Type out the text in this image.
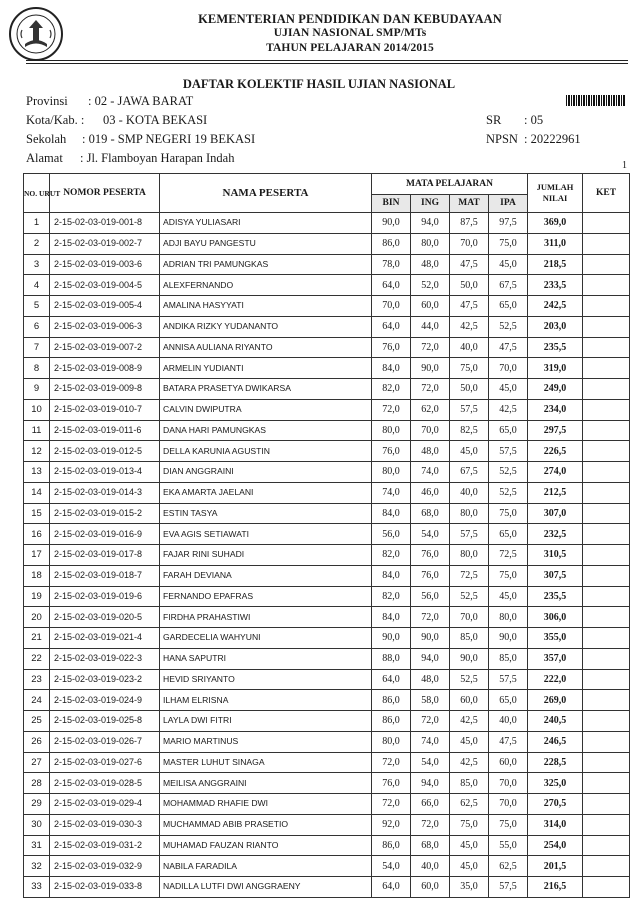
KEMENTERIAN PENDIDIKAN DAN KEBUDAYAAN
UJIAN NASIONAL SMP/MTs
TAHUN PELAJARAN 2014/2015
DAFTAR KOLEKTIF HASIL UJIAN NASIONAL
Provinsi : 02 - JAWA BARAT
Kota/Kab. : 03 - KOTA BEKASI
Sekolah : 019 - SMP NEGERI 19 BEKASI
Alamat : Jl. Flamboyan Harapan Indah
SR : 05
NPSN : 20222961
1
NO. URUT	NOMOR PESERTA	NAMA PESERTA	MATA PELAJARAN				JUMLAH NILAI	KET
			BIN	ING	MAT	IPA		
1	2-15-02-03-019-001-8	ADISYA YULIASARI	90,0	94,0	87,5	97,5	369,0	
2	2-15-02-03-019-002-7	ADJI BAYU PANGESTU	86,0	80,0	70,0	75,0	311,0	
3	2-15-02-03-019-003-6	ADRIAN TRI PAMUNGKAS	78,0	48,0	47,5	45,0	218,5	
4	2-15-02-03-019-004-5	ALEXFERNANDO	64,0	52,0	50,0	67,5	233,5	
5	2-15-02-03-019-005-4	AMALINA HASYYATI	70,0	60,0	47,5	65,0	242,5	
6	2-15-02-03-019-006-3	ANDIKA RIZKY YUDANANTO	64,0	44,0	42,5	52,5	203,0	
7	2-15-02-03-019-007-2	ANNISA AULIANA RIYANTO	76,0	72,0	40,0	47,5	235,5	
8	2-15-02-03-019-008-9	ARMELIN YUDIANTI	84,0	90,0	75,0	70,0	319,0	
9	2-15-02-03-019-009-8	BATARA PRASETYA DWIKARSA	82,0	72,0	50,0	45,0	249,0	
10	2-15-02-03-019-010-7	CALVIN DWIPUTRA	72,0	62,0	57,5	42,5	234,0	
11	2-15-02-03-019-011-6	DANA HARI PAMUNGKAS	80,0	70,0	82,5	65,0	297,5	
12	2-15-02-03-019-012-5	DELLA KARUNIA AGUSTIN	76,0	48,0	45,0	57,5	226,5	
13	2-15-02-03-019-013-4	DIAN ANGGRAINI	80,0	74,0	67,5	52,5	274,0	
14	2-15-02-03-019-014-3	EKA AMARTA JAELANI	74,0	46,0	40,0	52,5	212,5	
15	2-15-02-03-019-015-2	ESTIN TASYA	84,0	68,0	80,0	75,0	307,0	
16	2-15-02-03-019-016-9	EVA AGIS SETIAWATI	56,0	54,0	57,5	65,0	232,5	
17	2-15-02-03-019-017-8	FAJAR RINI SUHADI	82,0	76,0	80,0	72,5	310,5	
18	2-15-02-03-019-018-7	FARAH DEVIANA	84,0	76,0	72,5	75,0	307,5	
19	2-15-02-03-019-019-6	FERNANDO EPAFRAS	82,0	56,0	52,5	45,0	235,5	
20	2-15-02-03-019-020-5	FIRDHA PRAHASTIWI	84,0	72,0	70,0	80,0	306,0	
21	2-15-02-03-019-021-4	GARDECELIA WAHYUNI	90,0	90,0	85,0	90,0	355,0	
22	2-15-02-03-019-022-3	HANA SAPUTRI	88,0	94,0	90,0	85,0	357,0	
23	2-15-02-03-019-023-2	HEVID SRIYANTO	64,0	48,0	52,5	57,5	222,0	
24	2-15-02-03-019-024-9	ILHAM ELRISNA	86,0	58,0	60,0	65,0	269,0	
25	2-15-02-03-019-025-8	LAYLA DWI FITRI	86,0	72,0	42,5	40,0	240,5	
26	2-15-02-03-019-026-7	MARIO MARTINUS	80,0	74,0	45,0	47,5	246,5	
27	2-15-02-03-019-027-6	MASTER LUHUT SINAGA	72,0	54,0	42,5	60,0	228,5	
28	2-15-02-03-019-028-5	MEILISA ANGGRAINI	76,0	94,0	85,0	70,0	325,0	
29	2-15-02-03-019-029-4	MOHAMMAD RHAFIE DWI	72,0	66,0	62,5	70,0	270,5	
30	2-15-02-03-019-030-3	MUCHAMMAD ABIB PRASETIO	92,0	72,0	75,0	75,0	314,0	
31	2-15-02-03-019-031-2	MUHAMAD FAUZAN RIANTO	86,0	68,0	45,0	55,0	254,0	
32	2-15-02-03-019-032-9	NABILA FARADILA	54,0	40,0	45,0	62,5	201,5	
33	2-15-02-03-019-033-8	NADILLA LUTFI DWI ANGGRAENY	64,0	60,0	35,0	57,5	216,5	
